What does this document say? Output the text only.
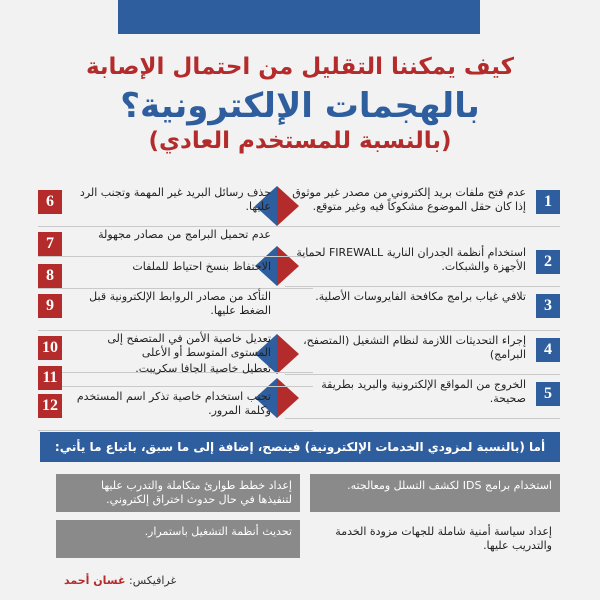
كيف يمكننا التقليل من احتمال الإصابة
بالهجمات الإلكترونية؟
(بالنسبة للمستخدم العادي)
1
عدم فتح ملفات بريد إلكتروني من مصدر غير موثوق إذا كان حقل الموضوع مشكوكاً فيه وغير متوقع.
2
استخدام أنظمة الجدران النارية FIREWALL لحماية الأجهزة والشبكات.
3
تلافي غياب برامج مكافحة الفايروسات الأصلية.
4
إجراء التحديثات اللازمة لنظام التشغيل (المتصفح، البرامج)
5
الخروج من المواقع الإلكترونية والبريد بطريقة صحيحة.
6
حذف رسائل البريد غير المهمة وتجنب الرد عليها.
7
عدم تحميل البرامج من مصادر مجهولة
8
الاحتفاظ بنسخ احتياط للملفات
9
التأكد من مصادر الروابط الإلكترونية قبل الضغط عليها.
10
تعديل خاصية الأمن في المتصفح إلى المستوى المتوسط أو الأعلى
11
تعطيل خاصية الجافا سكريبت.
12
تجنب استخدام خاصية تذكر اسم المستخدم وكلمة المرور.
أما (بالنسبة لمزودي الخدمات الإلكترونية) فينصح، إضافة إلى ما سبق، باتباع ما يأتي:
استخدام برامج IDS لكشف التسلل ومعالجته.
إعداد خطط طوارئ متكاملة والتدرب عليها لتنفيذها في حال حدوث اختراق إلكتروني.
إعداد سياسة أمنية شاملة للجهات مزودة الخدمة والتدريب عليها.
تحديث أنظمة التشغيل باستمرار.
غرافيكس: غسان أحمد
